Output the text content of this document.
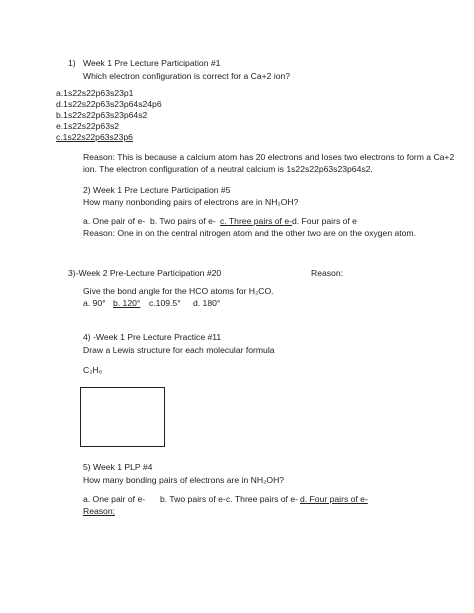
1) Week 1 Pre Lecture Participation #1
Which electron configuration is correct for a Ca+2 ion?
a.1s22s22p63s23p1
d.1s22s22p63s23p64s24p6
b.1s22s22p63s23p64s2
e.1s22s22p63s2
c.1s22s22p63s23p6
Reason: This is because a calcium atom has 20 electrons and loses two electrons to form a Ca+2
ion. The electron configuration of a neutral calcium is 1s22s22p63s23p64s2.
2) Week 1 Pre Lecture Participation #5
How many nonbonding pairs of electrons are in NH₂OH?
a. One pair of e- b. Two pairs of e- c. Three pairs of e- d. Four pairs of e
Reason: One in on the central nitrogen atom and the other two are on the oxygen atom.
3)-Week 2 Pre-Lecture Participation #20	Reason:
Give the bond angle for the HCO atoms for H₂CO.
a. 90° b. 120° c.109.5° d. 180°
4) -Week 1 Pre Lecture Practice #11
Draw a Lewis structure for each molecular formula
C₂H₆
5) Week 1 PLP #4
How many bonding pairs of electrons are in NH₂OH?
a. One pair of e- b. Two pairs of e- c. Three pairs of e- d. Four pairs of e-
Reason:
